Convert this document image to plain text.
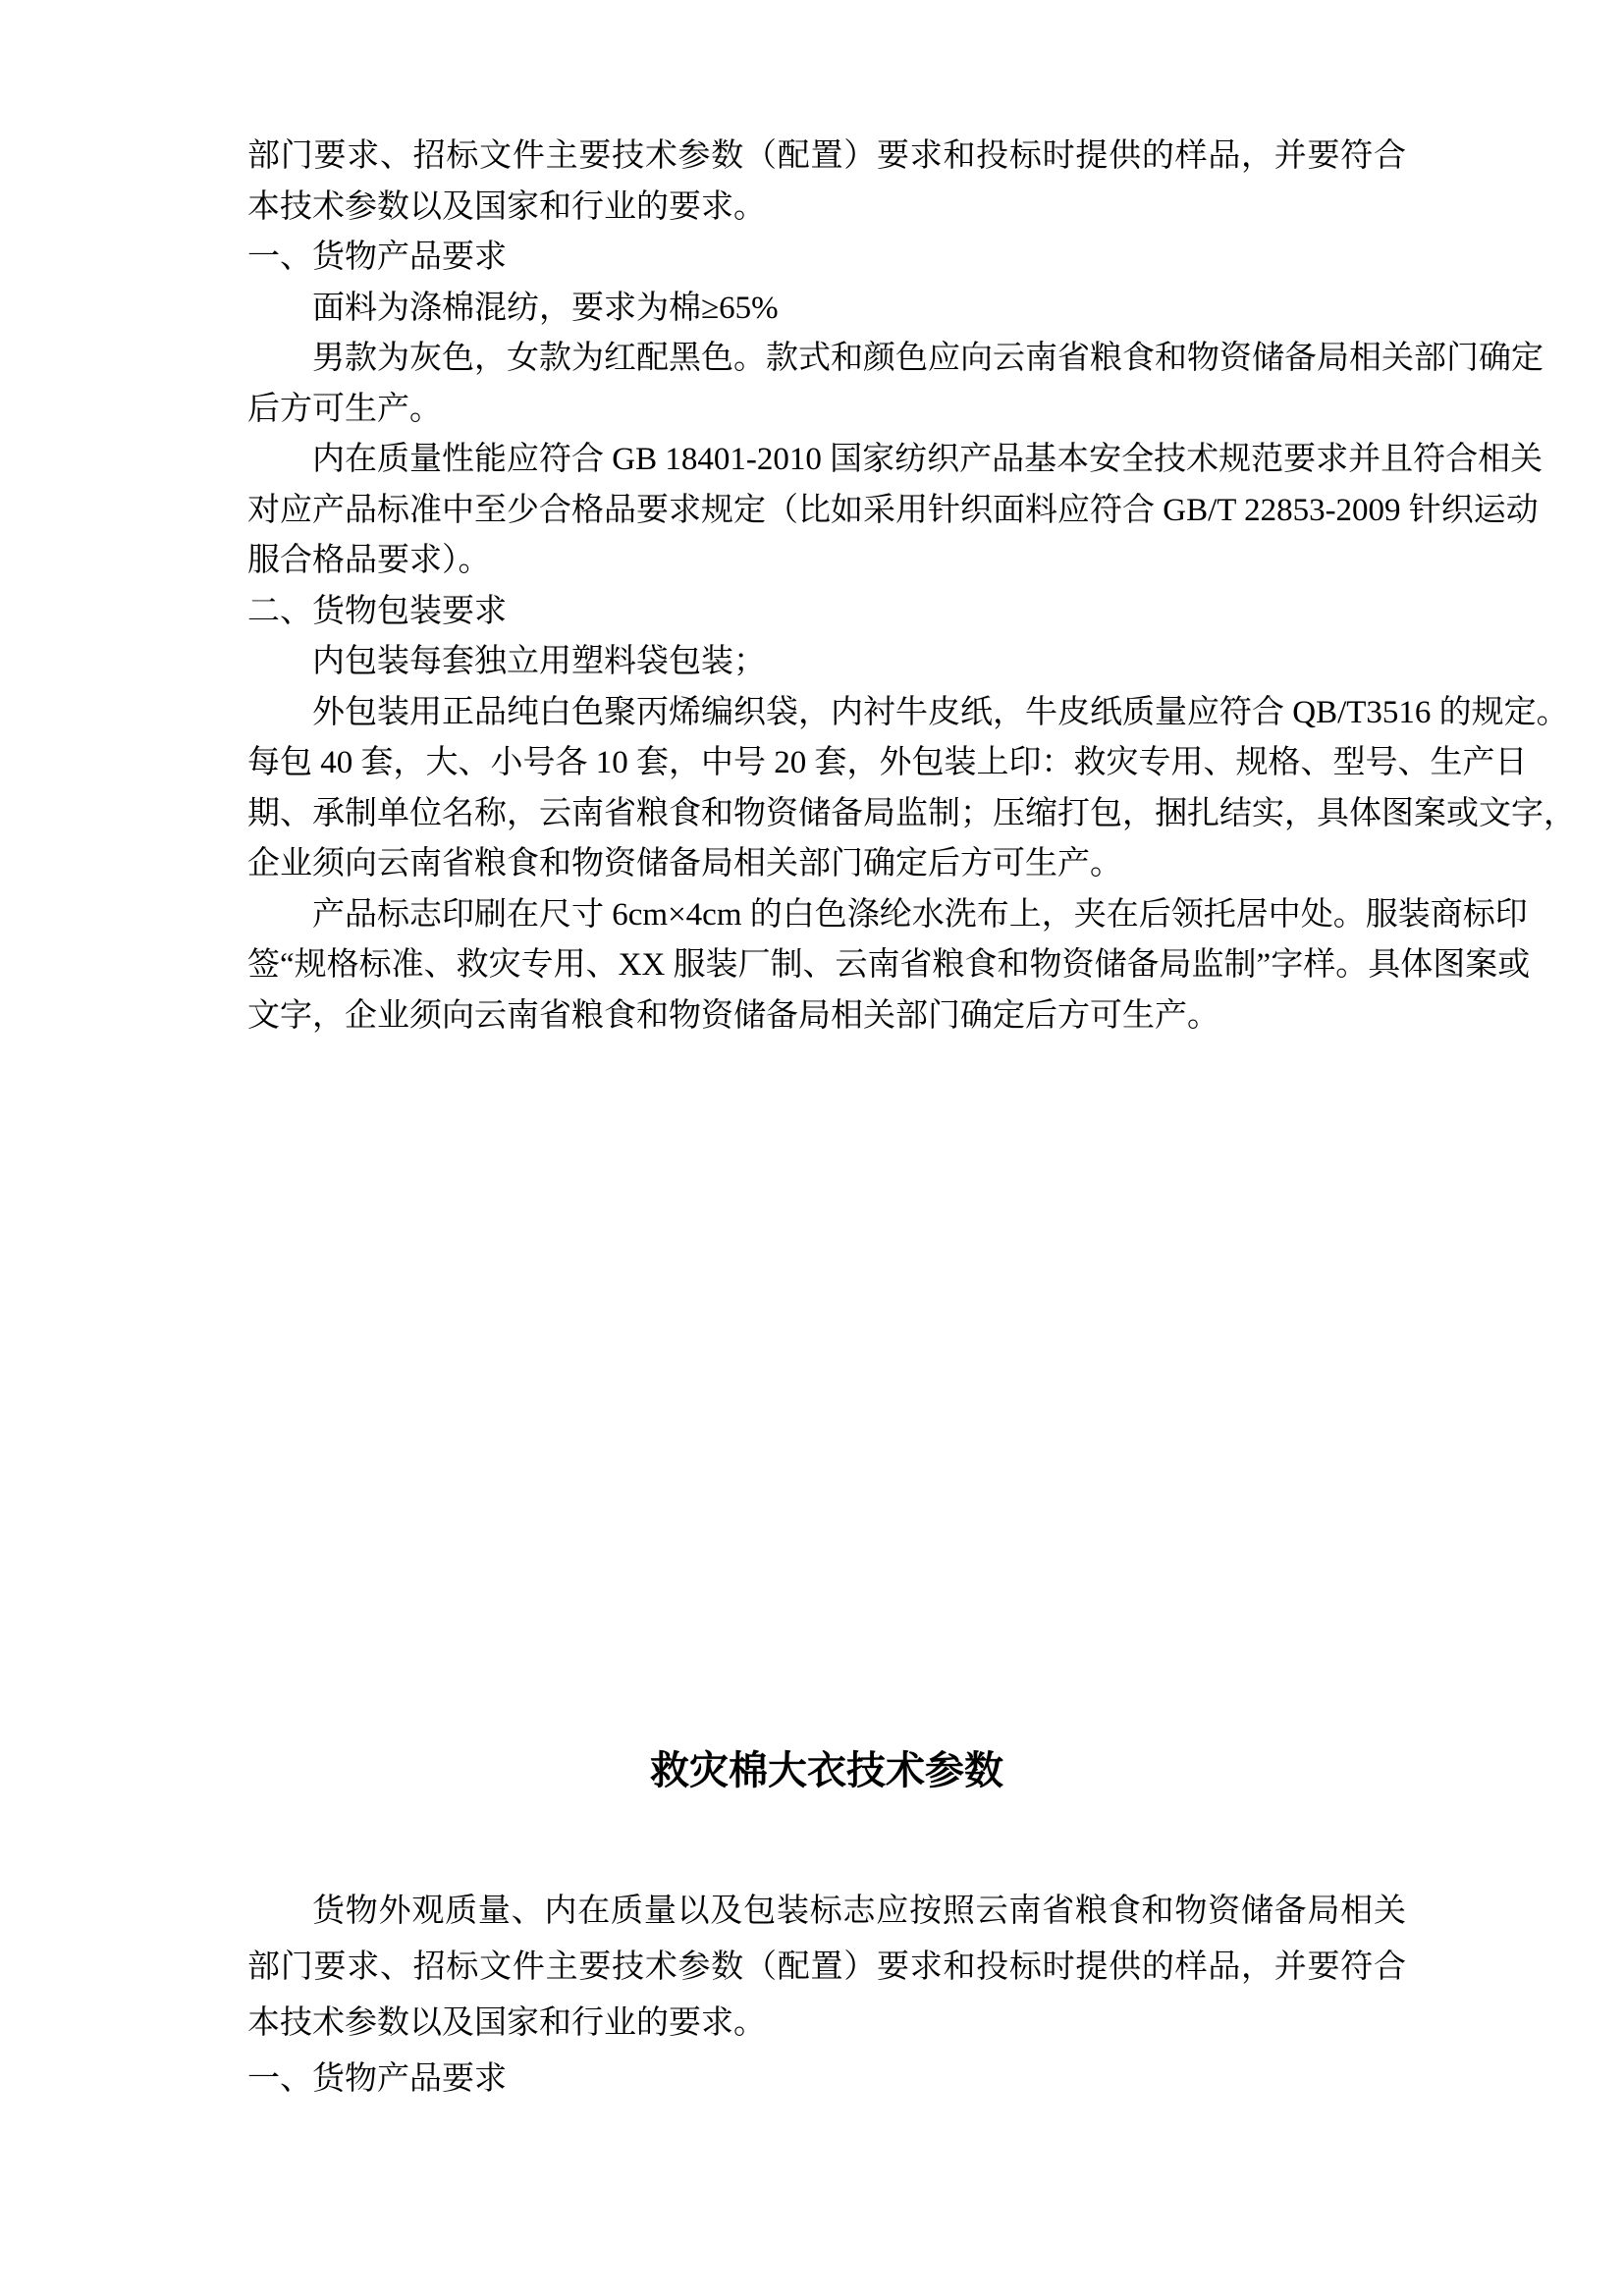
部门要求、招标文件主要技术参数（配置）要求和投标时提供的样品，并要符合
本技术参数以及国家和行业的要求。
一、货物产品要求
面料为涤棉混纺，要求为棉≥65%
男款为灰色，女款为红配黑色。款式和颜色应向云南省粮食和物资储备局相关部门确定
后方可生产。
内在质量性能应符合 GB 18401-2010 国家纺织产品基本安全技术规范要求并且符合相关
对应产品标准中至少合格品要求规定（比如采用针织面料应符合 GB/T 22853-2009 针织运动
服合格品要求）。
二、货物包装要求
内包装每套独立用塑料袋包装；
外包装用正品纯白色聚丙烯编织袋，内衬牛皮纸，牛皮纸质量应符合 QB/T3516 的规定。
每包 40 套，大、小号各 10 套，中号 20 套，外包装上印：救灾专用、规格、型号、生产日
期、承制单位名称，云南省粮食和物资储备局监制；压缩打包，捆扎结实，具体图案或文字，
企业须向云南省粮食和物资储备局相关部门确定后方可生产。
产品标志印刷在尺寸 6cm×4cm 的白色涤纶水洗布上，夹在后领托居中处。服装商标印
签“规格标准、救灾专用、XX 服装厂制、云南省粮食和物资储备局监制”字样。具体图案或
文字，企业须向云南省粮食和物资储备局相关部门确定后方可生产。
救灾棉大衣技术参数
货物外观质量、内在质量以及包装标志应按照云南省粮食和物资储备局相关
部门要求、招标文件主要技术参数（配置）要求和投标时提供的样品，并要符合
本技术参数以及国家和行业的要求。
一、货物产品要求
